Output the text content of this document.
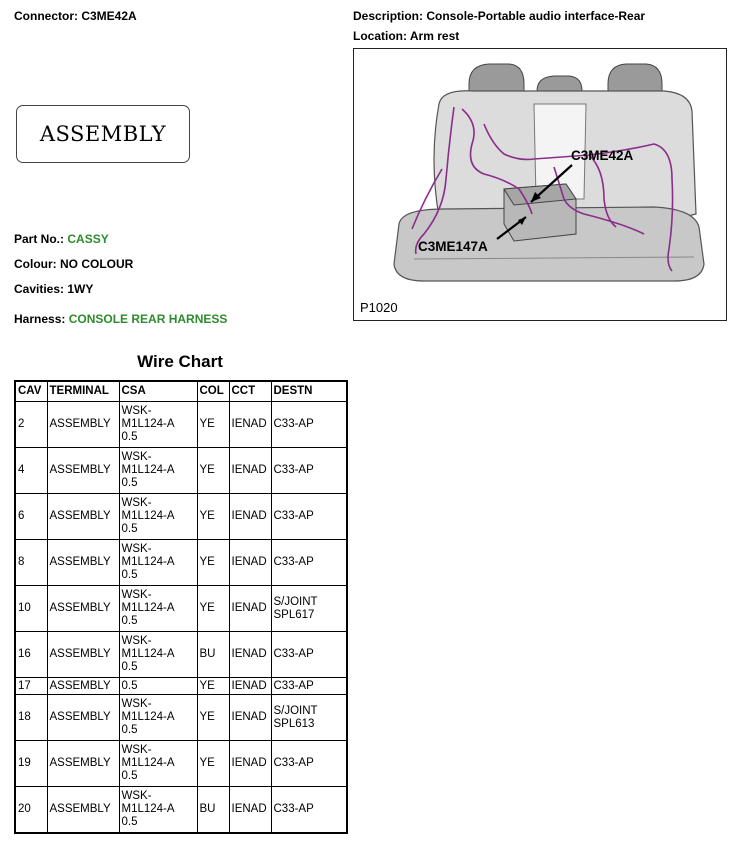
Connector: C3ME42A	Description: Console-Portable audio interface-Rear
Location: Arm rest
ASSEMBLY
C3ME42A
C3ME147A
P1020
Part No.: CASSY
Colour: NO COLOUR
Cavities: 1WY
Harness: CONSOLE REAR HARNESS
Wire Chart
CAV	TERMINAL	CSA	COL	CCT	DESTN
2	ASSEMBLY	WSK-
M1L124-A
0.5	YE	IENAD	C33-AP
4	ASSEMBLY	WSK-
M1L124-A
0.5	YE	IENAD	C33-AP
6	ASSEMBLY	WSK-
M1L124-A
0.5	YE	IENAD	C33-AP
8	ASSEMBLY	WSK-
M1L124-A
0.5	YE	IENAD	C33-AP
10	ASSEMBLY	WSK-
M1L124-A
0.5	YE	IENAD	S/JOINT
SPL617
16	ASSEMBLY	WSK-
M1L124-A
0.5	BU	IENAD	C33-AP
17	ASSEMBLY	0.5	YE	IENAD	C33-AP
18	ASSEMBLY	WSK-
M1L124-A
0.5	YE	IENAD	S/JOINT
SPL613
19	ASSEMBLY	WSK-
M1L124-A
0.5	YE	IENAD	C33-AP
20	ASSEMBLY	WSK-
M1L124-A
0.5	BU	IENAD	C33-AP
